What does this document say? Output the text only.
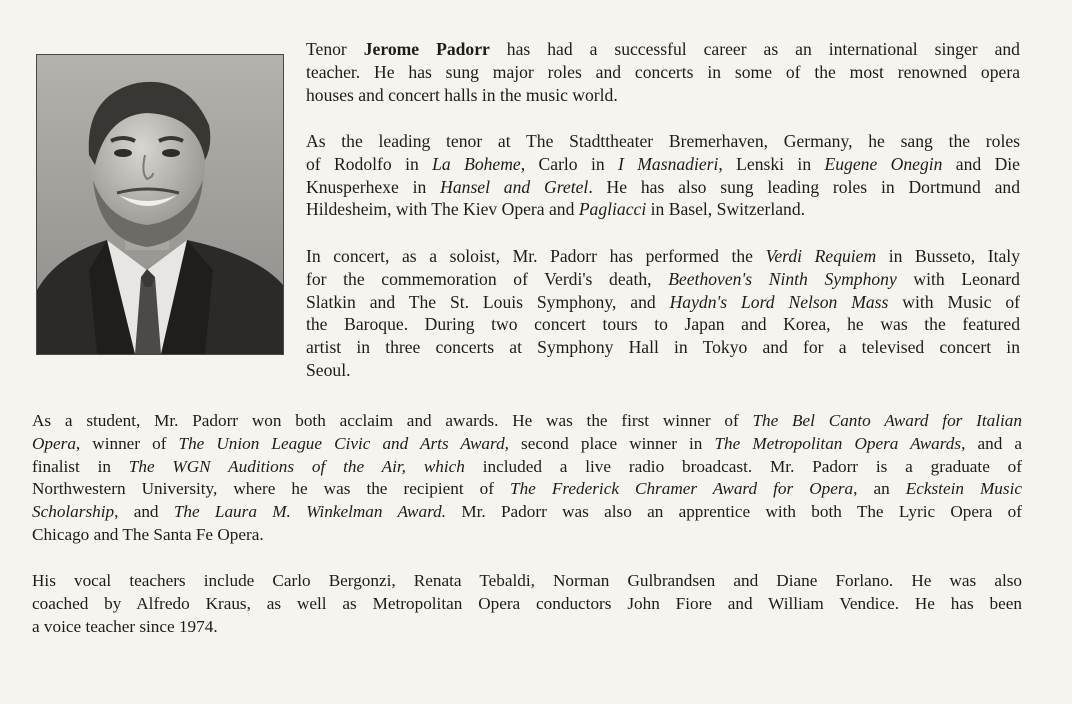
Tenor Jerome Padorr has had a successful career as an international singer and
teacher. He has sung major roles and concerts in some of the most renowned opera
houses and concert halls in the music world.

As the leading tenor at The Stadttheater Bremerhaven, Germany, he sang the roles
of Rodolfo in La Boheme, Carlo in I Masnadieri, Lenski in Eugene Onegin and Die
Knusperhexe in Hansel and Gretel. He has also sung leading roles in Dortmund and
Hildesheim, with The Kiev Opera and Pagliacci in Basel, Switzerland.

In concert, as a soloist, Mr. Padorr has performed the Verdi Requiem in Busseto, Italy
for the commemoration of Verdi's death, Beethoven's Ninth Symphony with Leonard
Slatkin and The St. Louis Symphony, and Haydn's Lord Nelson Mass with Music of
the Baroque. During two concert tours to Japan and Korea, he was the featured
artist in three concerts at Symphony Hall in Tokyo and for a televised concert in
Seoul.

As a student, Mr. Padorr won both acclaim and awards. He was the first winner of The Bel Canto Award for Italian
Opera, winner of The Union League Civic and Arts Award, second place winner in The Metropolitan Opera Awards, and a
finalist in The WGN Auditions of the Air, which included a live radio broadcast. Mr. Padorr is a graduate of
Northwestern University, where he was the recipient of The Frederick Chramer Award for Opera, an Eckstein Music
Scholarship, and The Laura M. Winkelman Award. Mr. Padorr was also an apprentice with both The Lyric Opera of
Chicago and The Santa Fe Opera.

His vocal teachers include Carlo Bergonzi, Renata Tebaldi, Norman Gulbrandsen and Diane Forlano. He was also
coached by Alfredo Kraus, as well as Metropolitan Opera conductors John Fiore and William Vendice. He has been
a voice teacher since 1974.
